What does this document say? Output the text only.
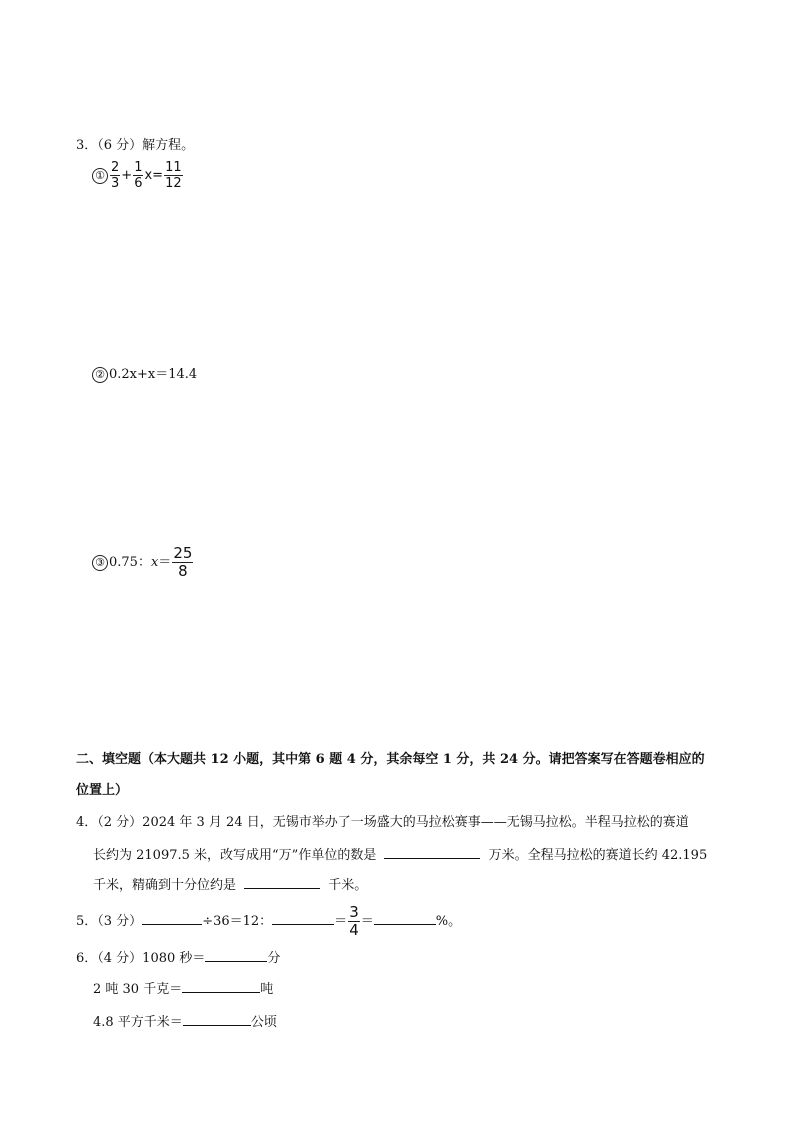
3．（6 分）解方程。
① $\frac{2}{3} + \frac{1}{6} x= \frac{11}{12}$
② 0.2x+x＝14.4
③ 0.75：$x= \frac{25}{8}$
二、填空题（本大题共 12 小题，其中第 6 题 4 分，其余每空 1 分，共 24 分。请把答案写在答题卷相应的
位置上）
4．（2 分）2024 年 3 月 24 日，无锡市举办了一场盛大的马拉松赛事——无锡马拉松。半程马拉松的赛道
长约为 21097.5 米，改写成用“万”作单位的数是	万米。全程马拉松的赛道长约 42.195
千米，精确到十分位约是	千米。
5．（3 分）	÷36＝12：	＝ $\frac{3}{4}$ ＝	%。
6．（4 分）1080 秒＝	分
2 吨 30 千克＝	吨
4.8 平方千米＝	公顷
